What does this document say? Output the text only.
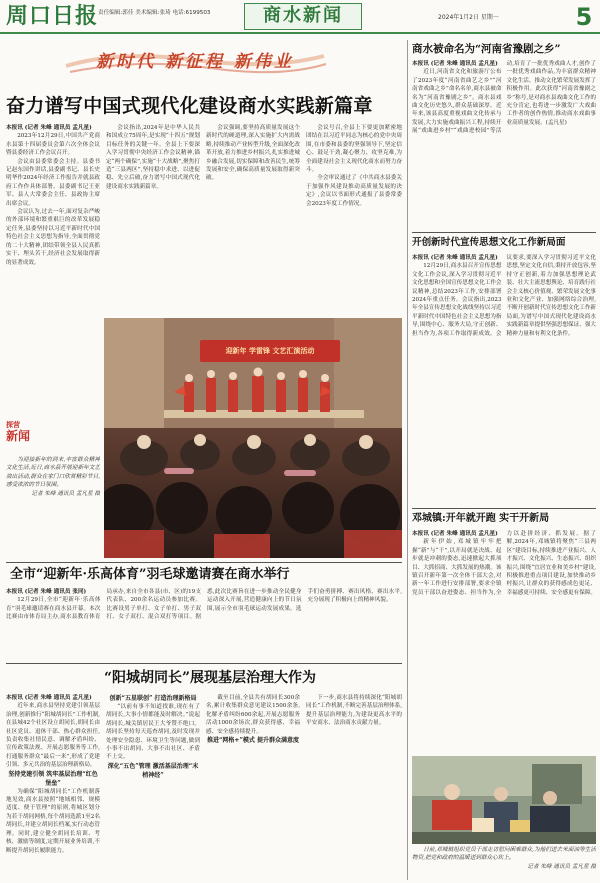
周口日报 责任编辑:郭佳 美术编辑:张琦 电话:6199503	商水新闻	2024年1月2日 星期一	5
新时代 新征程 新伟业
奋力谱写中国式现代化建设商水实践新篇章
本报讯 (记者 朱峰 通讯员 孟凡星)

2023年12月29日,中国共产党商水县第十四届委员会第六次全体会议暨县委经济工作会议召开。

会议由县委常委会主持。县委书记赵东国作讲话,县委副书记、县长史明华作2024年经济工作报告并就县政府工作作具体部署。县委副书记王亚军、县人大常委会主任、县政协主席出席会议。

会议认为,过去一年,面对复杂严峻的外部环境和繁重艰巨的改革发展稳定任务,县委坚持以习近平新时代中国特色社会主义思想为指导,全面贯彻党的二十大精神,团结带领全县人民真抓实干、埋头苦干,经济社会发展取得新的显著成效。

会议指出,2024年是中华人民共和国成立75周年,是实现“十四五”规划目标任务的关键一年。全县上下要深入学习贯彻中央经济工作会议精神,锚定“两个确保”,实施“十大战略”,聚焦打造“三县两区”,坚持稳中求进、以进促稳、先立后破,奋力谱写中国式现代化建设商水实践新篇章。

会议强调,要坚持高质量发展这个新时代的硬道理,深入实施扩大内需战略,持续推动产业转型升级,全面深化改革开放,着力推进乡村振兴,扎实推进城乡融合发展,切实保障和改善民生,统筹发展和安全,确保高质量发展取得新突破。

会议号召,全县上下要更加紧密地团结在以习近平同志为核心的党中央周围,在市委和县委的坚强领导下,坚定信心、鼓足干劲,凝心聚力、攻坚克难,为全面建设社会主义现代化商水而努力奋斗。

全会审议通过了《中共商水县委关于加强作风建设推动高质量发展的决定》,会议以书面形式通报了县委常委会2023年度工作情况。

探营
新闻

为迎接新年的到来,丰富群众精神文化生活,近日,商水县开展迎新年文艺演出活动,群众在家门口欣赏精彩节目,感受浓浓的节日氛围。

记者 朱峰 通讯员 孟凡星 摄
迎新年 学雷锋 文艺汇演活动
全市“迎新年·乐高体育”羽毛球邀请赛在商水举行
本报讯 (记者 朱峰 通讯员 张同)

12月29日,全市“迎新年·乐高体育”羽毛球邀请赛在商水县开幕。本次比赛由市体育局主办,商水县教育体育局承办,来自全市各县(市、区)的19支代表队、200余名运动员参加比赛。比赛设男子单打、女子单打、男子双打、女子双打、混合双打等项目。据悉,此次比赛旨在进一步推动全民健身运动深入开展,营造健康向上的节日氛围,展示全市羽毛球运动发展成果。选手们奋勇拼搏、赛出风格、赛出水平,充分展现了积极向上的精神风貌。

“阳城胡同长”展现基层治理大作为
本报讯 (记者 朱峰 通讯员 孟凡星)

近年来,商水县坚持党建引领基层治理,创新推行“阳城胡同长”工作机制,在县城42个社区设立胡同长,胡同长由社区党员、退休干部、热心群众担任,负责收集社情民意、调解矛盾纠纷、宣传政策法规、开展志愿服务等工作,打通服务群众“最后一米”,形成了党建引领、多元共治的基层治理新格局。

坚持党建引领 筑牢基层治理“红色堡垒”

为确保“阳城胡同长”工作机制落地见效,商水县按照“地域相邻、规模适度、便于管理”的原则,将城区划分为若干胡同网格,每个胡同选派1至2名胡同长,并建立胡同长档案,实行动态管理。同时,建立健全胡同长培训、考核、激励等制度,定期开展业务培训,不断提升胡同长履职能力。

创新“五星联创” 打造治理新格局

“以前有事不知道找谁,现在有了胡同长,大事小情都能及时解决。”说起胡同长,城关镇居民王大爷赞不绝口。胡同长坚持每天巡查胡同,及时发现并处理安全隐患、环境卫生等问题,做到小事不出胡同、大事不出社区、矛盾不上交。

深化“五色”管理 激活基层治理“末梢神经”

截至目前,全县共有胡同长300余名,累计收集群众意见建议1500余条,化解矛盾纠纷600余起,开展志愿服务活动1000余场次,群众获得感、幸福感、安全感持续提升。

推进“网格+”模式 提升群众满意度

下一步,商水县将持续深化“阳城胡同长”工作机制,不断完善基层治理体系,提升基层治理能力,为建设更高水平的平安商水、法治商水贡献力量。

商水被命名为“河南省豫剧之乡”
本报讯 (记者 朱峰 通讯员 孟凡星)

近日,河南省文化和旅游厅公布了2023年度“河南省曲艺之乡”“河南省戏曲之乡”命名名单,商水县被命名为“河南省豫剧之乡”。商水县戏曲文化历史悠久,群众基础深厚。近年来,该县高度重视戏曲文化传承与发展,大力实施戏曲振兴工程,持续开展“戏曲进乡村”“戏曲进校园”等活动,培育了一批优秀戏曲人才,创作了一批优秀戏曲作品,为丰富群众精神文化生活、推动文化繁荣发展发挥了积极作用。此次获得“河南省豫剧之乡”称号,是对商水县戏曲文化工作的充分肯定,也将进一步激发广大戏曲工作者的创作热情,推动商水戏曲事业高质量发展。(孟凡星)

开创新时代宣传思想文化工作新局面
本报讯 (记者 朱峰 通讯员 孟凡星)

12月29日,商水县召开宣传思想文化工作会议,深入学习贯彻习近平文化思想和全国宣传思想文化工作会议精神,总结2023年工作,安排部署2024年重点任务。会议指出,2023年全县宣传思想文化战线坚持以习近平新时代中国特色社会主义思想为指导,围绕中心、服务大局,守正创新、担当作为,各项工作取得新成效。会议要求,要深入学习贯彻习近平文化思想,坚定文化自信,秉持开放包容,坚持守正创新,着力加强思想理论武装、壮大主流思想舆论、培育践行社会主义核心价值观、繁荣发展文化事业和文化产业、加强网络综合治理,不断开创新时代宣传思想文化工作新局面,为谱写中国式现代化建设商水实践新篇章提供坚强思想保证、强大精神力量和有利文化条件。

邓城镇:开年就开跑 实干开新局
本报讯 (记者 朱峰 通讯员 孟凡星)

新年伊始,邓城镇牢牢把握“新”与“干”,以开局就是决战、起步就是冲刺的姿态,迅速掀起大抓项目、大抓招商、大抓发展的热潮。该镇召开新年第一次全体干部大会,对新一年工作进行安排部署,要求全镇党员干部以奋进姿态、担当作为,全力以赴拼经济、抓发展。据了解,2024年,邓城镇将聚焦“三县两区”建设目标,持续推进产业振兴、人才振兴、文化振兴、生态振兴、组织振兴,围绕“宜居宜业和美乡村”建设,积极推进重点项目建设,加快推动乡村振兴,让群众的获得感成色更足、幸福感更可持续、安全感更有保障。

日前,邓城镇组织党员干部走访慰问困难群众,为他们送去米面油等生活物资,把党和政府的温暖送到群众心坎上。

记者 朱峰 通讯员 孟凡星 摄
